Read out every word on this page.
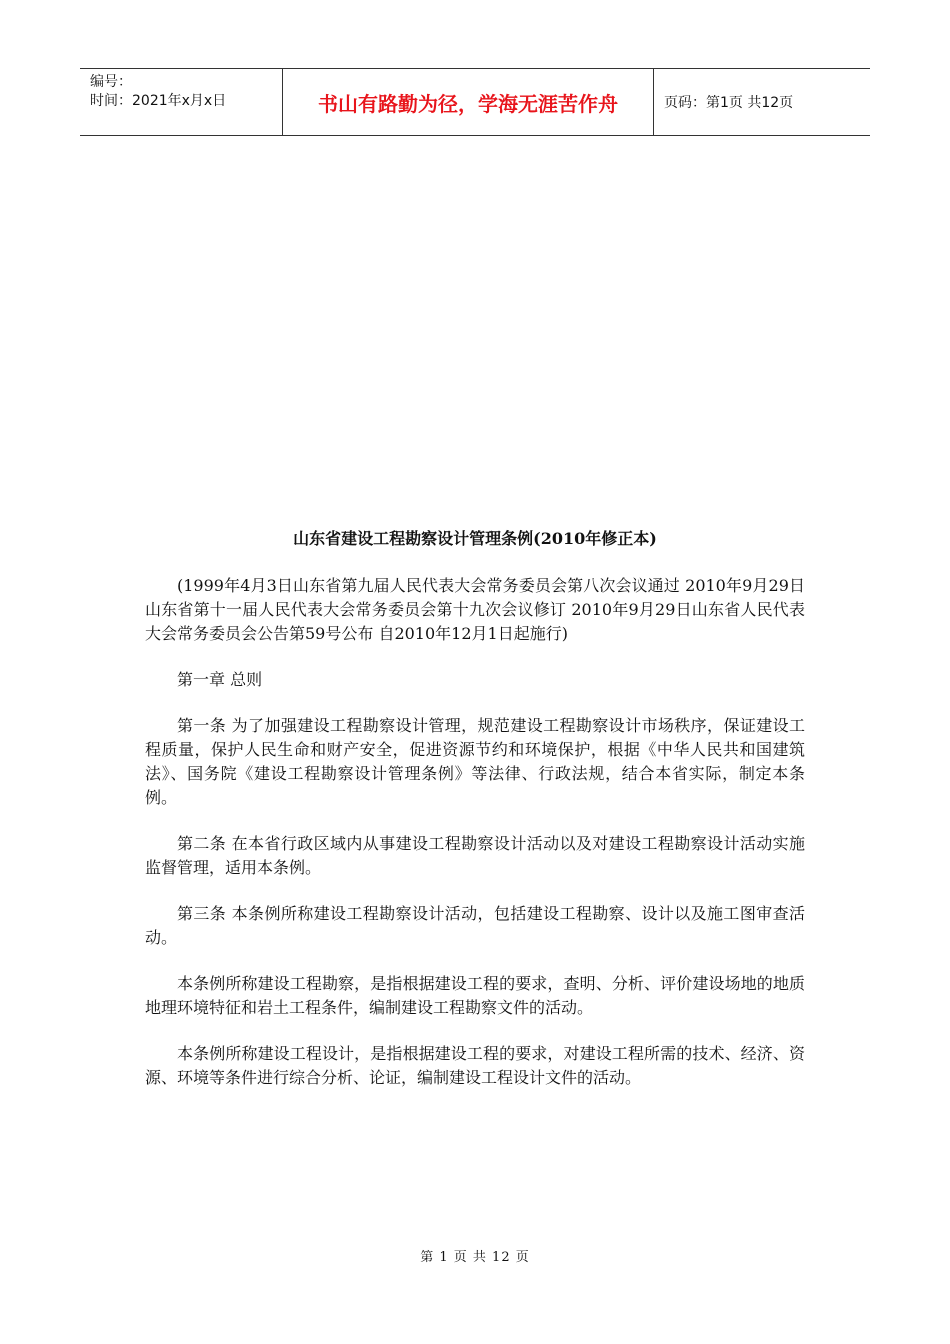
编号：
时间：2021年x月x日	书山有路勤为径，学海无涯苦作舟	页码：第1页 共12页
山东省建设工程勘察设计管理条例(2010年修正本)

(1999年4月3日山东省第九届人民代表大会常务委员会第八次会议通过 2010年9月29日山东省第十一届人民代表大会常务委员会第十九次会议修订 2010年9月29日山东省人民代表大会常务委员会公告第59号公布 自2010年12月1日起施行)

第一章 总则

第一条 为了加强建设工程勘察设计管理，规范建设工程勘察设计市场秩序，保证建设工程质量，保护人民生命和财产安全，促进资源节约和环境保护，根据《中华人民共和国建筑法》、国务院《建设工程勘察设计管理条例》等法律、行政法规，结合本省实际，制定本条例。

第二条 在本省行政区域内从事建设工程勘察设计活动以及对建设工程勘察设计活动实施监督管理，适用本条例。

第三条 本条例所称建设工程勘察设计活动，包括建设工程勘察、设计以及施工图审查活动。

本条例所称建设工程勘察，是指根据建设工程的要求，查明、分析、评价建设场地的地质地理环境特征和岩土工程条件，编制建设工程勘察文件的活动。

本条例所称建设工程设计，是指根据建设工程的要求，对建设工程所需的技术、经济、资源、环境等条件进行综合分析、论证，编制建设工程设计文件的活动。

第 1 页 共 12 页
